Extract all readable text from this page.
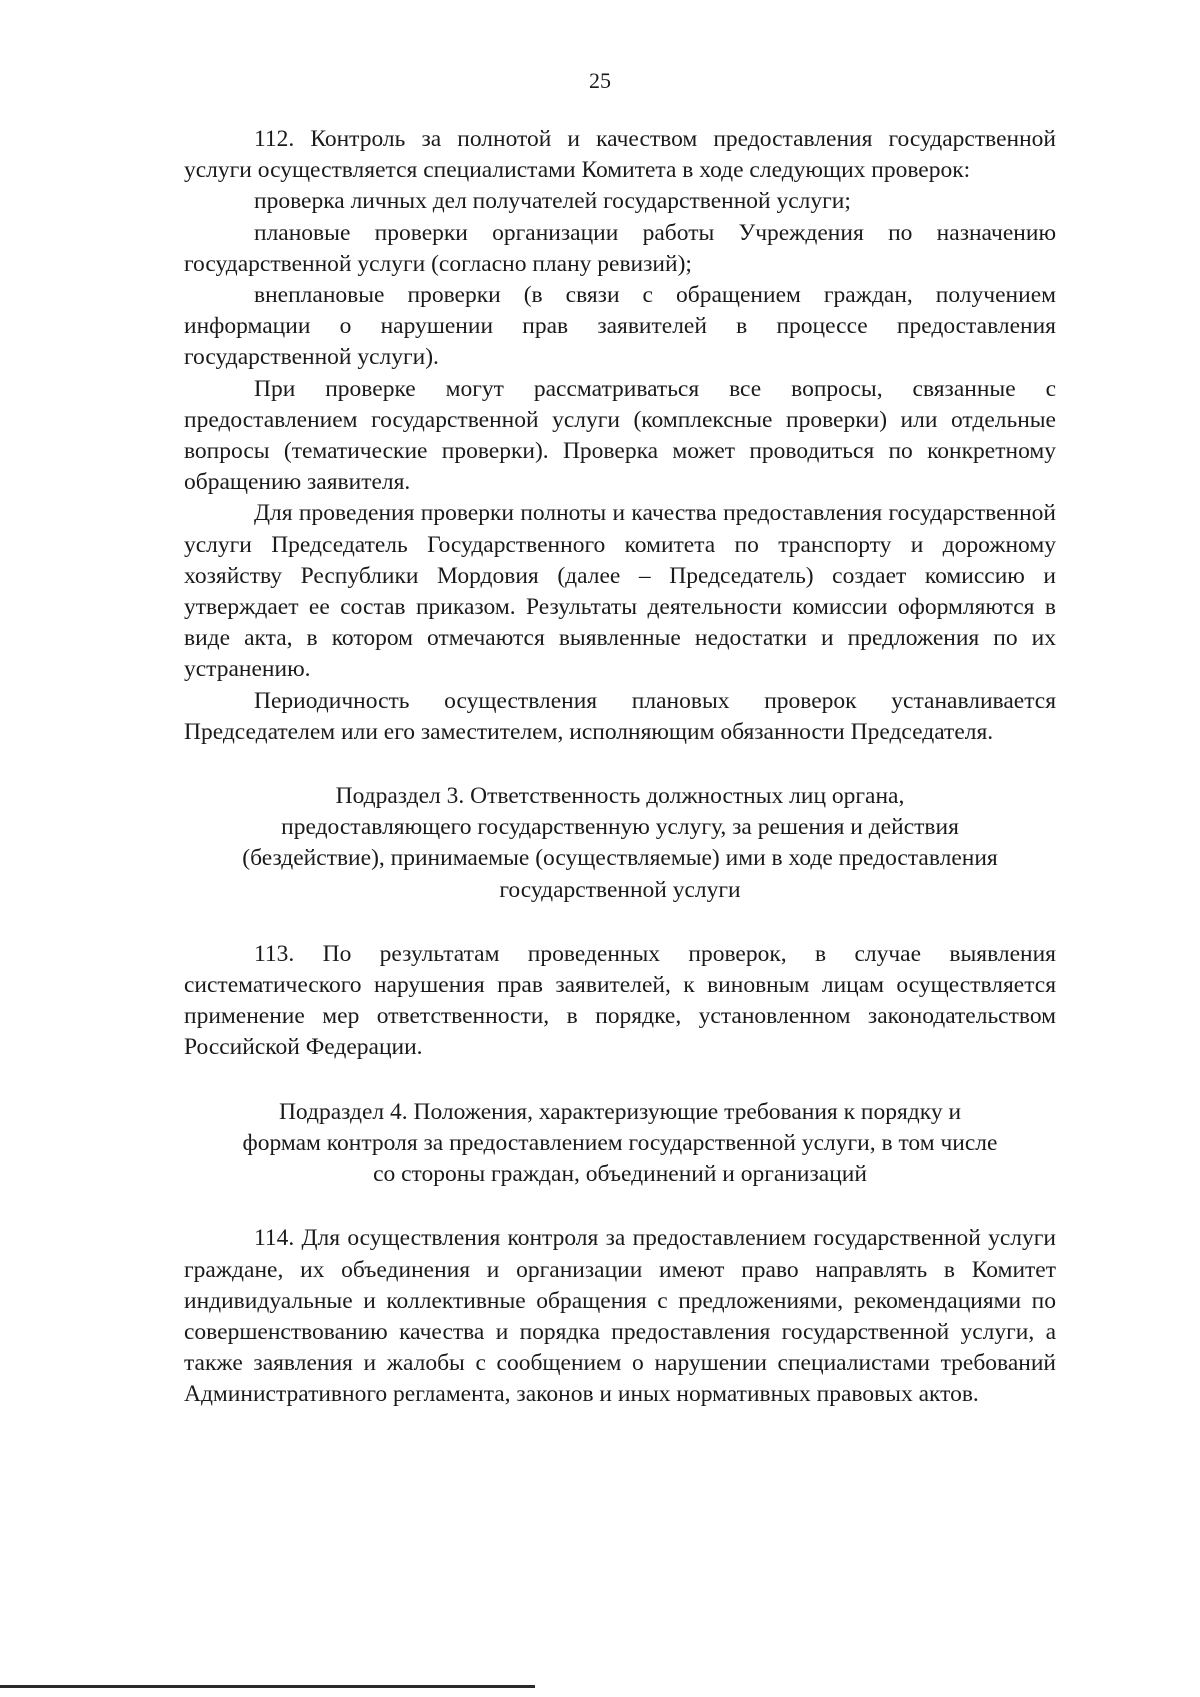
25

112. Контроль за полнотой и качеством предоставления государственной услуги осуществляется специалистами Комитета в ходе следующих проверок:

проверка личных дел получателей государственной услуги;

плановые проверки организации работы Учреждения по назначению государственной услуги (согласно плану ревизий);

внеплановые проверки (в связи с обращением граждан, получением информации о нарушении прав заявителей в процессе предоставления государственной услуги).

При проверке могут рассматриваться все вопросы, связанные с предоставлением государственной услуги (комплексные проверки) или отдельные вопросы (тематические проверки). Проверка может проводиться по конкретному обращению заявителя.

Для проведения проверки полноты и качества предоставления государственной услуги Председатель Государственного комитета по транспорту и дорожному хозяйству Республики Мордовия (далее – Председатель) создает комиссию и утверждает ее состав приказом. Результаты деятельности комиссии оформляются в виде акта, в котором отмечаются выявленные недостатки и предложения по их устранению.

Периодичность осуществления плановых проверок устанавливается Председателем или его заместителем, исполняющим обязанности Председателя.

Подраздел 3. Ответственность должностных лиц органа,
предоставляющего государственную услугу, за решения и действия
(бездействие), принимаемые (осуществляемые) ими в ходе предоставления
государственной услуги

113. По результатам проведенных проверок, в случае выявления систематического нарушения прав заявителей, к виновным лицам осуществляется применение мер ответственности, в порядке, установленном законодательством Российской Федерации.

Подраздел 4. Положения, характеризующие требования к порядку и
формам контроля за предоставлением государственной услуги, в том числе
со стороны граждан, объединений и организаций

114. Для осуществления контроля за предоставлением государственной услуги граждане, их объединения и организации имеют право направлять в Комитет индивидуальные и коллективные обращения с предложениями, рекомендациями по совершенствованию качества и порядка предоставления государственной услуги, а также заявления и жалобы с сообщением о нарушении специалистами требований Административного регламента, законов и иных нормативных правовых актов.
